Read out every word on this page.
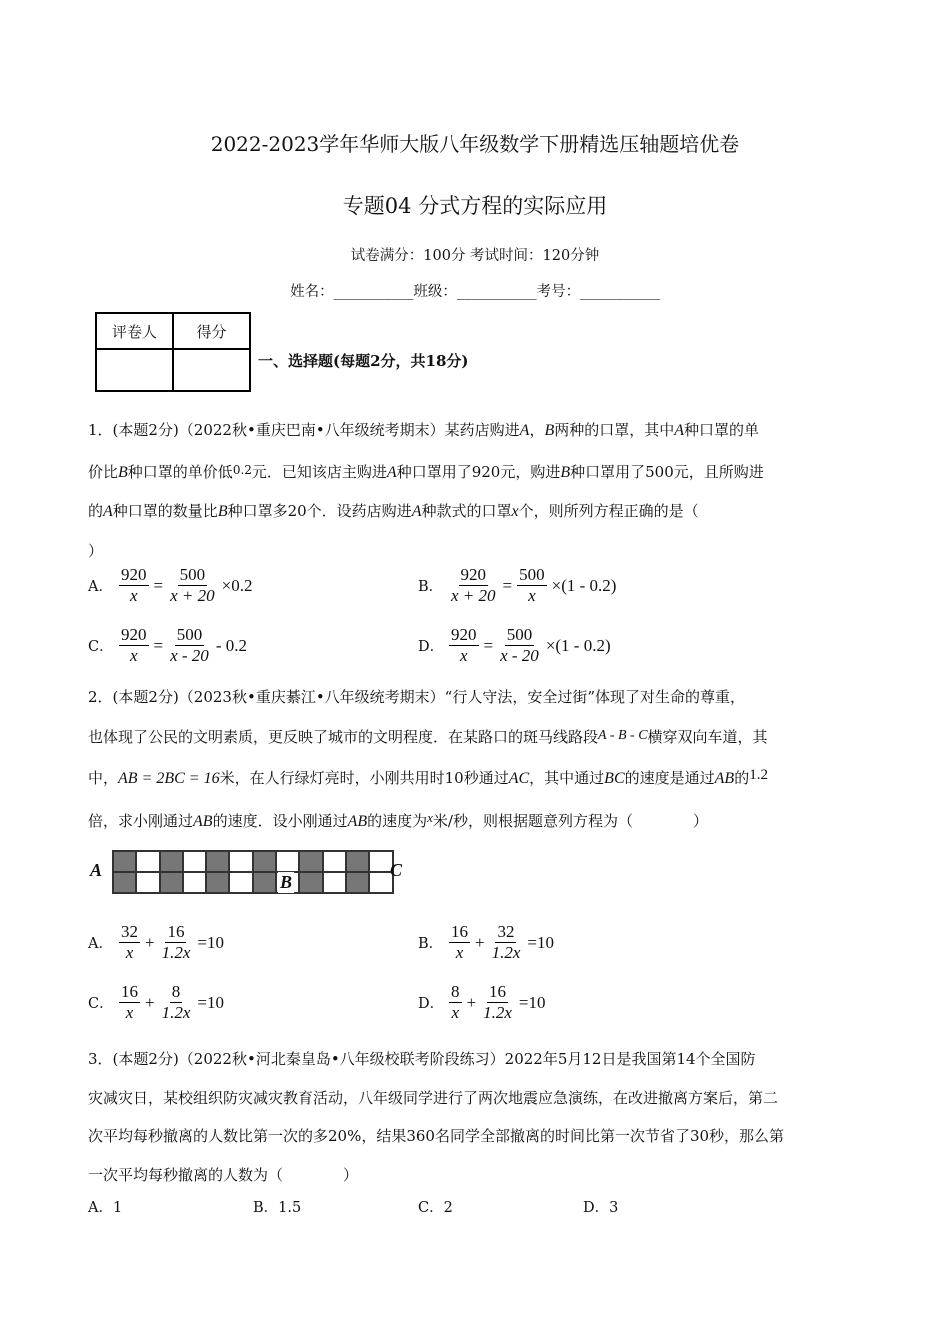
2022-2023学年华师大版八年级数学下册精选压轴题培优卷
专题04 分式方程的实际应用
试卷满分：100分 考试时间：120分钟
姓名：___________班级：___________考号：___________
评卷人	得分

一、选择题(每题2分，共18分)
1．(本题2分)（2022秋•重庆巴南•八年级统考期末）某药店购进A，B两种的口罩，其中A种口罩的单
价比B种口罩的单价低$^{0.2}$元．已知该店主购进A种口罩用了920元，购进B种口罩用了500元，且所购进
的A种口罩的数量比B种口罩多20个．设药店购进A种款式的口罩x个，则所列方程正确的是（
）
A． $\frac{920}{x} = \frac{500}{x + 20} \times 0.2$	B． $\frac{920}{x + 20} = \frac{500}{x} \times(1 - 0.2)$
C． $\frac{920}{x} = \frac{500}{x - 20} - 0.2$	D． $\frac{920}{x} = \frac{500}{x - 20} \times(1 - 0.2)$
2．(本题2分)（2023秋•重庆綦江•八年级统考期末）“行人守法，安全过街”体现了对生命的尊重，
也体现了公民的文明素质，更反映了城市的文明程度．在某路口的斑马线路段A - B - C横穿双向车道，其
中，AB = 2BC = 16米，在人行绿灯亮时，小刚共用时10秒通过AC，其中通过BC的速度是通过AB的1.2
倍，求小刚通过AB的速度．设小刚通过AB的速度为x米/秒，则根据题意列方程为（　　　　）
A
B
C
A． $\frac{32}{x} + \frac{16}{1.2x} =10$	B． $\frac{16}{x} + \frac{32}{1.2x} =10$
C． $\frac{16}{x} + \frac{8}{1.2x} =10$	D． $\frac{8}{x} + \frac{16}{1.2x} =10$
3．(本题2分)（2022秋•河北秦皇岛•八年级校联考阶段练习）2022年5月12日是我国第14个全国防
灾减灾日，某校组织防灾减灾教育活动，八年级同学进行了两次地震应急演练，在改进撤离方案后，第二
次平均每秒撤离的人数比第一次的多20%，结果360名同学全部撤离的时间比第一次节省了30秒，那么第
一次平均每秒撤离的人数为（　　　　）
A．1	B．1.5	C．2	D．3
